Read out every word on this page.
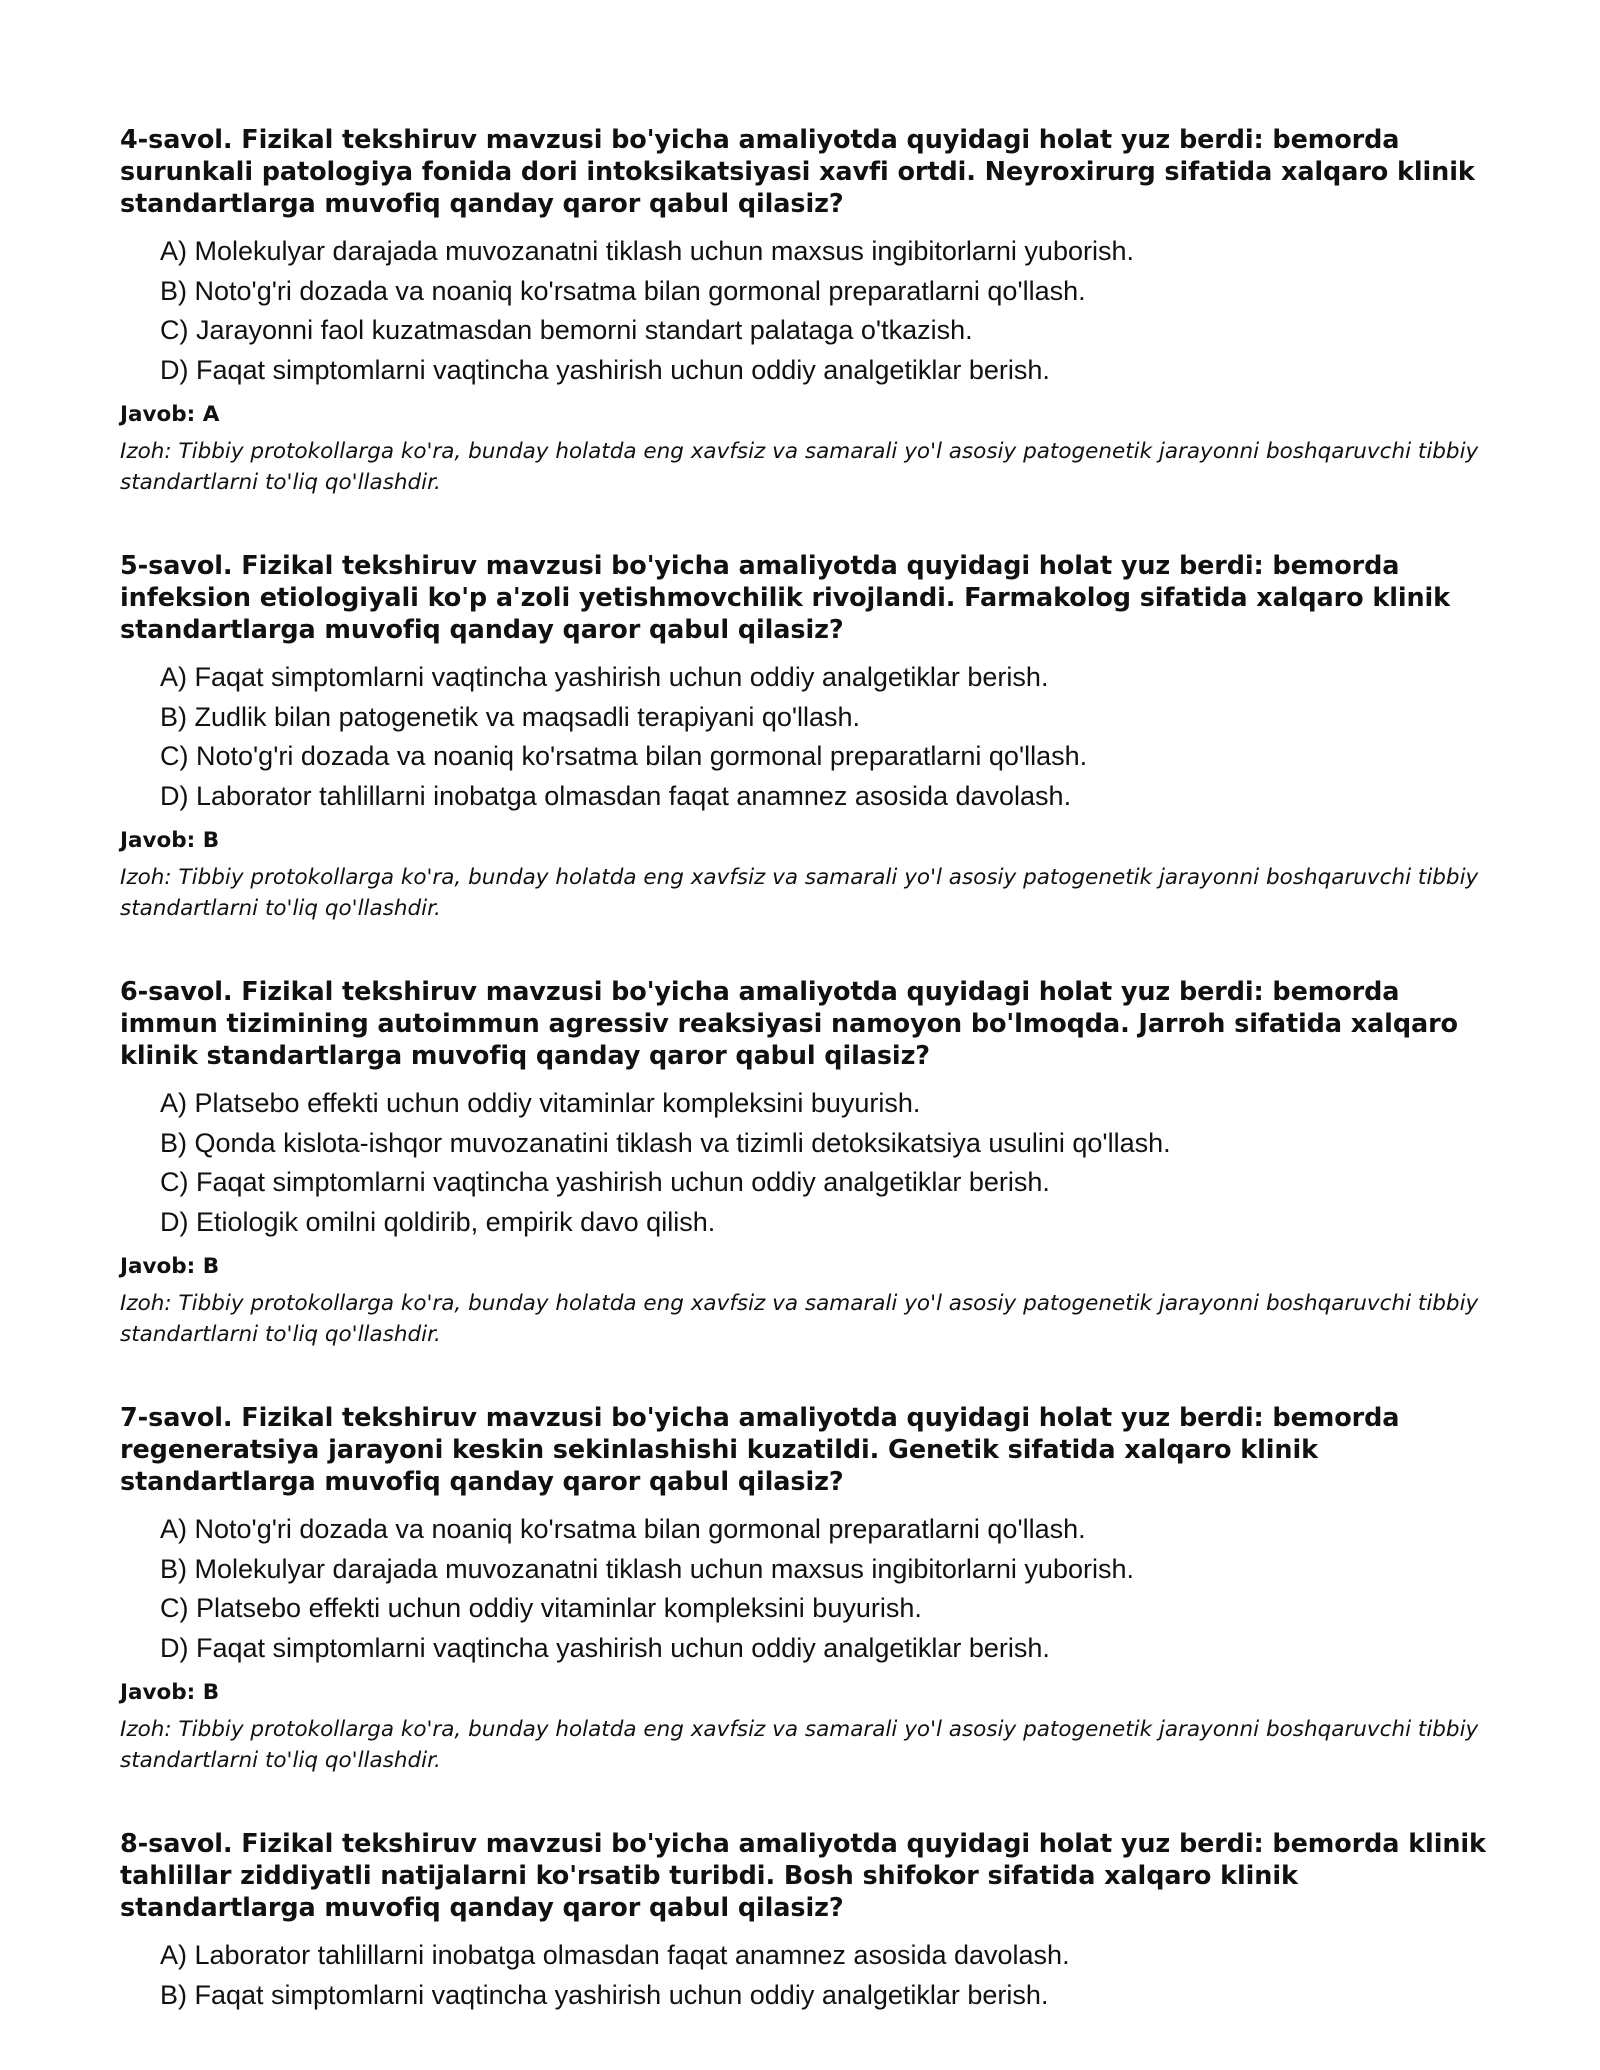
4-savol. Fizikal tekshiruv mavzusi bo'yicha amaliyotda quyidagi holat yuz berdi: bemorda surunkali patologiya fonida dori intoksikatsiyasi xavfi ortdi. Neyroxirurg sifatida xalqaro klinik standartlarga muvofiq qanday qaror qabul qilasiz?

A) Molekulyar darajada muvozanatni tiklash uchun maxsus ingibitorlarni yuborish.
B) Noto'g'ri dozada va noaniq ko'rsatma bilan gormonal preparatlarni qo'llash.
C) Jarayonni faol kuzatmasdan bemorni standart palataga o'tkazish.
D) Faqat simptomlarni vaqtincha yashirish uchun oddiy analgetiklar berish.

Javob: A

Izoh: Tibbiy protokollarga ko'ra, bunday holatda eng xavfsiz va samarali yo'l asosiy patogenetik jarayonni boshqaruvchi tibbiy standartlarni to'liq qo'llashdir.

5-savol. Fizikal tekshiruv mavzusi bo'yicha amaliyotda quyidagi holat yuz berdi: bemorda infeksion etiologiyali ko'p a'zoli yetishmovchilik rivojlandi. Farmakolog sifatida xalqaro klinik standartlarga muvofiq qanday qaror qabul qilasiz?

A) Faqat simptomlarni vaqtincha yashirish uchun oddiy analgetiklar berish.
B) Zudlik bilan patogenetik va maqsadli terapiyani qo'llash.
C) Noto'g'ri dozada va noaniq ko'rsatma bilan gormonal preparatlarni qo'llash.
D) Laborator tahlillarni inobatga olmasdan faqat anamnez asosida davolash.

Javob: B

Izoh: Tibbiy protokollarga ko'ra, bunday holatda eng xavfsiz va samarali yo'l asosiy patogenetik jarayonni boshqaruvchi tibbiy standartlarni to'liq qo'llashdir.

6-savol. Fizikal tekshiruv mavzusi bo'yicha amaliyotda quyidagi holat yuz berdi: bemorda immun tizimining autoimmun agressiv reaksiyasi namoyon bo'lmoqda. Jarroh sifatida xalqaro klinik standartlarga muvofiq qanday qaror qabul qilasiz?

A) Platsebo effekti uchun oddiy vitaminlar kompleksini buyurish.
B) Qonda kislota-ishqor muvozanatini tiklash va tizimli detoksikatsiya usulini qo'llash.
C) Faqat simptomlarni vaqtincha yashirish uchun oddiy analgetiklar berish.
D) Etiologik omilni qoldirib, empirik davo qilish.

Javob: B

Izoh: Tibbiy protokollarga ko'ra, bunday holatda eng xavfsiz va samarali yo'l asosiy patogenetik jarayonni boshqaruvchi tibbiy standartlarni to'liq qo'llashdir.

7-savol. Fizikal tekshiruv mavzusi bo'yicha amaliyotda quyidagi holat yuz berdi: bemorda regeneratsiya jarayoni keskin sekinlashishi kuzatildi. Genetik sifatida xalqaro klinik standartlarga muvofiq qanday qaror qabul qilasiz?

A) Noto'g'ri dozada va noaniq ko'rsatma bilan gormonal preparatlarni qo'llash.
B) Molekulyar darajada muvozanatni tiklash uchun maxsus ingibitorlarni yuborish.
C) Platsebo effekti uchun oddiy vitaminlar kompleksini buyurish.
D) Faqat simptomlarni vaqtincha yashirish uchun oddiy analgetiklar berish.

Javob: B

Izoh: Tibbiy protokollarga ko'ra, bunday holatda eng xavfsiz va samarali yo'l asosiy patogenetik jarayonni boshqaruvchi tibbiy standartlarni to'liq qo'llashdir.

8-savol. Fizikal tekshiruv mavzusi bo'yicha amaliyotda quyidagi holat yuz berdi: bemorda klinik tahlillar ziddiyatli natijalarni ko'rsatib turibdi. Bosh shifokor sifatida xalqaro klinik standartlarga muvofiq qanday qaror qabul qilasiz?

A) Laborator tahlillarni inobatga olmasdan faqat anamnez asosida davolash.
B) Faqat simptomlarni vaqtincha yashirish uchun oddiy analgetiklar berish.
